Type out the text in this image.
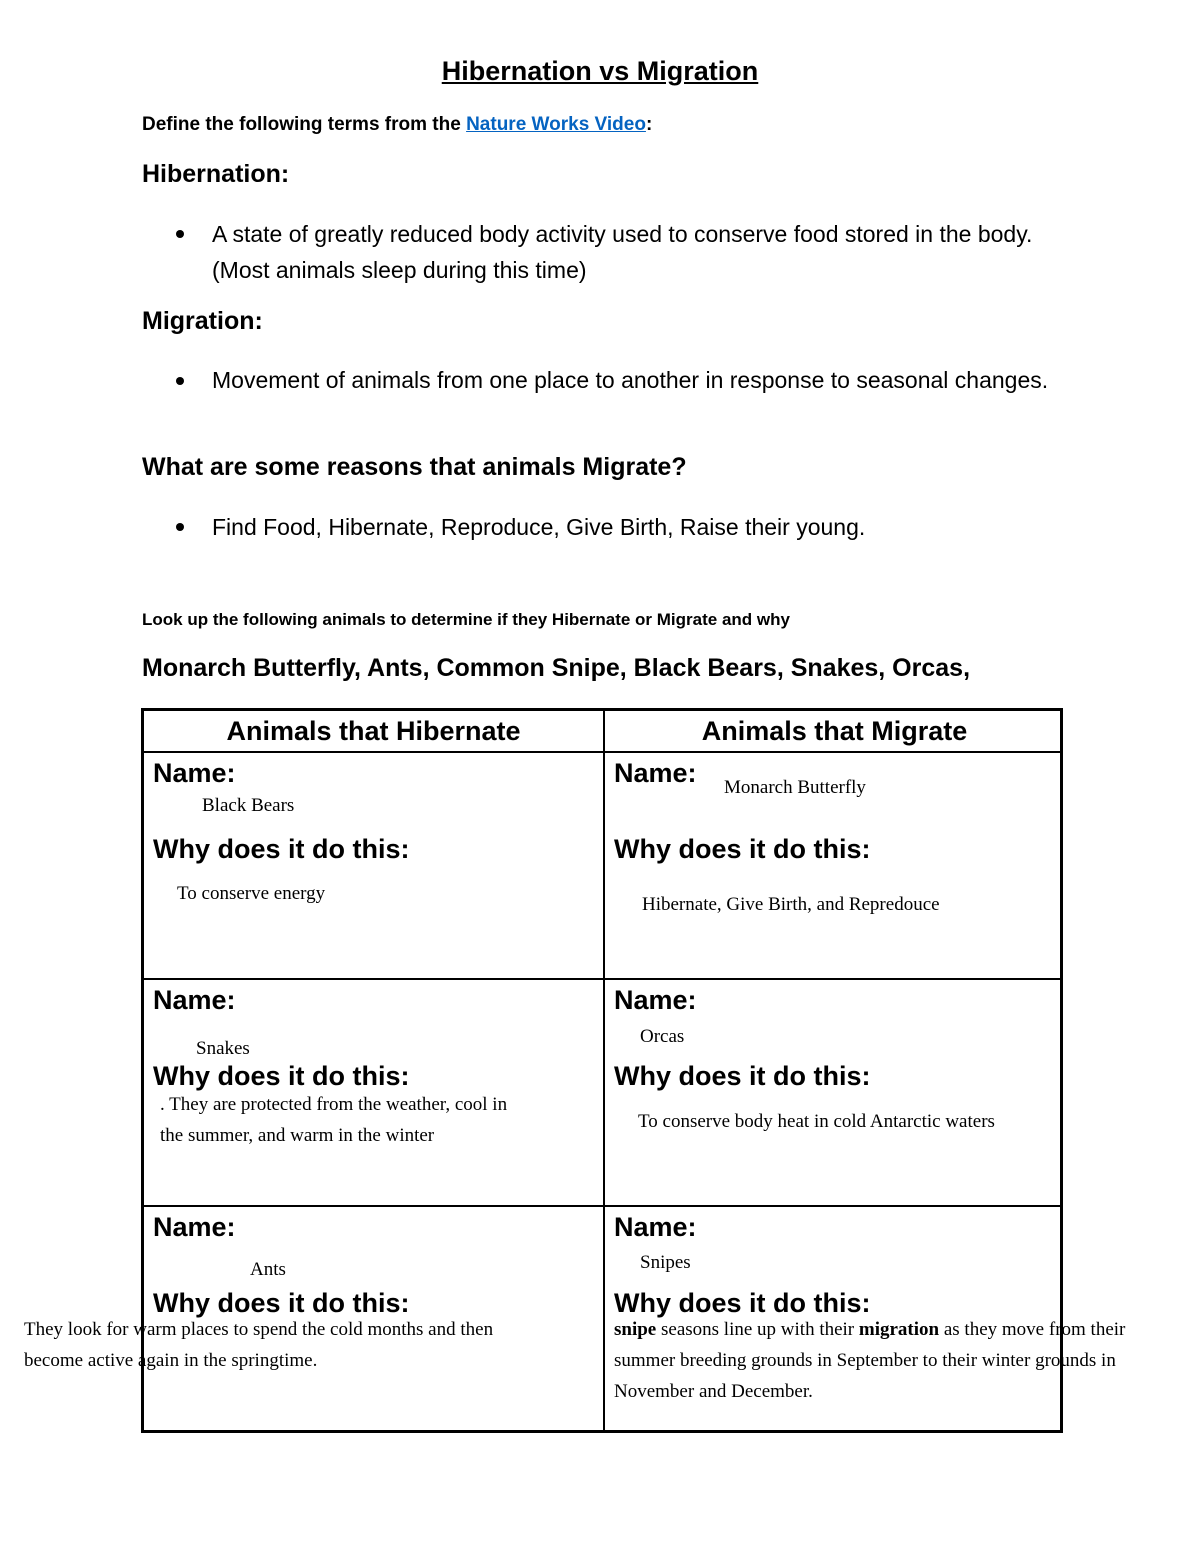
Hibernation vs Migration
Define the following terms from the Nature Works Video:
Hibernation:
A state of greatly reduced body activity used to conserve food stored in the body. (Most animals sleep during this time)
Migration:
Movement of animals from one place to another in response to seasonal changes.
What are some reasons that animals Migrate?
Find Food, Hibernate, Reproduce, Give Birth, Raise their young.
Look up the following animals to determine if they Hibernate or Migrate and why
Monarch Butterfly, Ants, Common Snipe, Black Bears, Snakes, Orcas,
Animals that Hibernate	Animals that Migrate
Name:
Black Bears
Why does it do this:
To conserve energy
Name: Monarch Butterfly
Why does it do this:
Hibernate, Give Birth, and Repredouce
Name:
Snakes
Why does it do this:
. They are protected from the weather, cool in
the summer, and warm in the winter
Name:
Orcas
Why does it do this:
To conserve body heat in cold Antarctic waters
Name:
Ants
Why does it do this:
Name:
Snipes
Why does it do this:
They look for warm places to spend the cold months and then
become active again in the springtime.
snipe seasons line up with their migration as they move from their
summer breeding grounds in September to their winter grounds in
November and December.
